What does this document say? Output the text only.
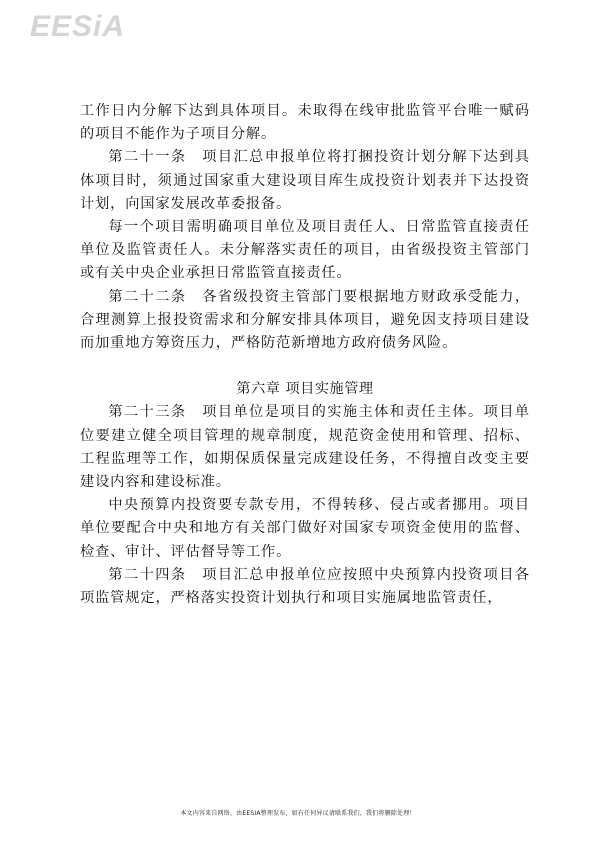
EESiA

工作日内分解下达到具体项目。未取得在线审批监管平台唯一赋码的项目不能作为子项目分解。

第二十一条　项目汇总申报单位将打捆投资计划分解下达到具体项目时，须通过国家重大建设项目库生成投资计划表并下达投资计划，向国家发展改革委报备。

每一个项目需明确项目单位及项目责任人、日常监管直接责任单位及监管责任人。未分解落实责任的项目，由省级投资主管部门或有关中央企业承担日常监管直接责任。

第二十二条　各省级投资主管部门要根据地方财政承受能力，合理测算上报投资需求和分解安排具体项目，避免因支持项目建设而加重地方筹资压力，严格防范新增地方政府债务风险。

第六章 项目实施管理

第二十三条　项目单位是项目的实施主体和责任主体。项目单位要建立健全项目管理的规章制度，规范资金使用和管理、招标、工程监理等工作，如期保质保量完成建设任务，不得擅自改变主要建设内容和建设标准。

中央预算内投资要专款专用，不得转移、侵占或者挪用。项目单位要配合中央和地方有关部门做好对国家专项资金使用的监督、检查、审计、评估督导等工作。

第二十四条　项目汇总申报单位应按照中央预算内投资项目各项监管规定，严格落实投资计划执行和项目实施属地监管责任，

本文内容来自网络，由EESIA整理发布，如有任何异议请联系我们，我们将删除处理！
